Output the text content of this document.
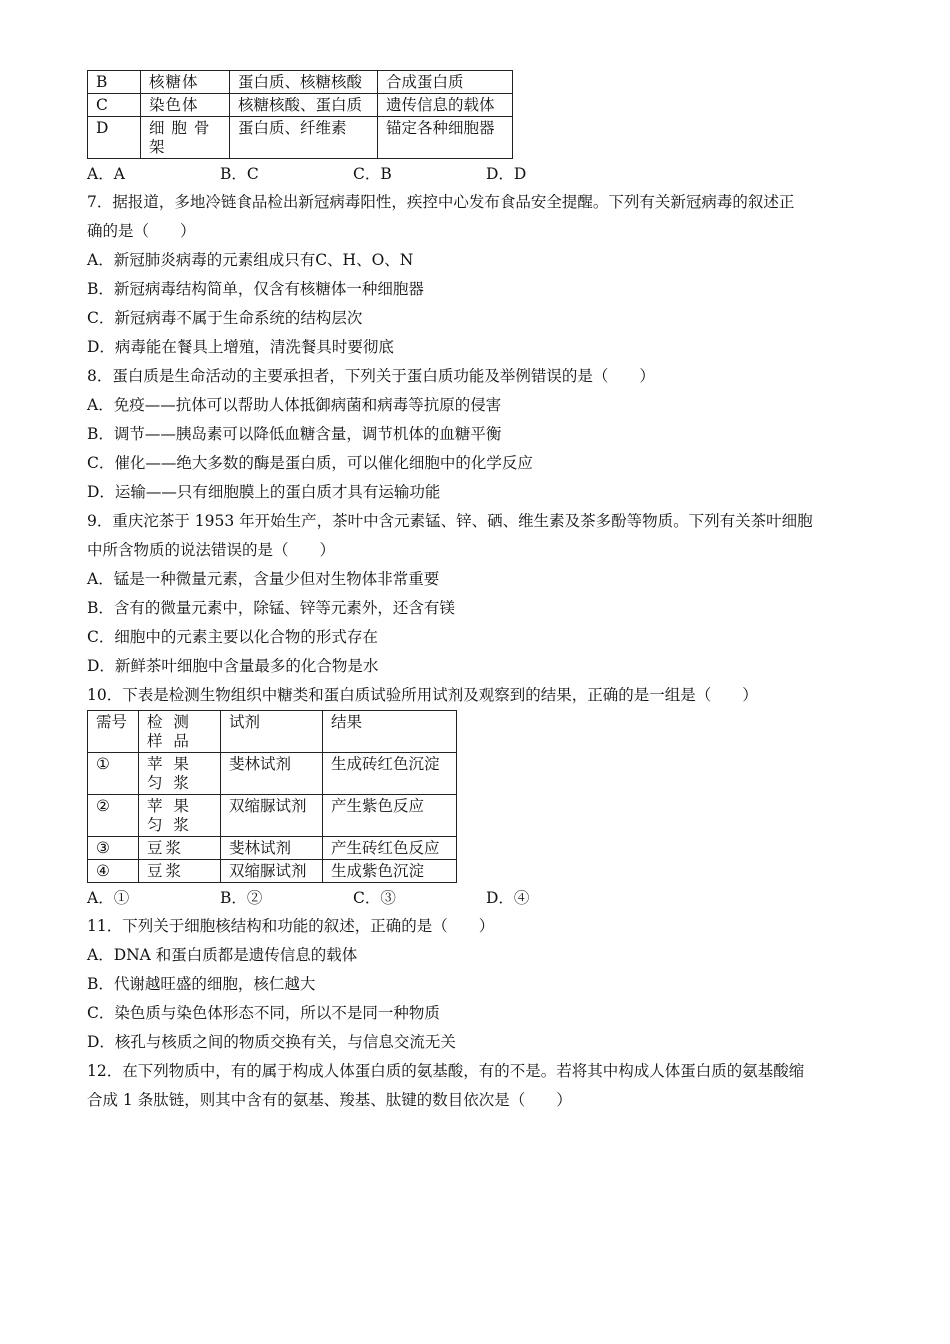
B	核糖体	蛋白质、核糖核酸	合成蛋白质
C	染色体	核糖核酸、蛋白质	遗传信息的载体
D	细 胞 骨 架	蛋白质、纤维素	锚定各种细胞器
A．A	B．C	C．B	D．D
7．据报道，多地冷链食品检出新冠病毒阳性，疾控中心发布食品安全提醒。下列有关新冠病毒的叙述正
确的是（　　）
A．新冠肺炎病毒的元素组成只有C、H、O、N
B．新冠病毒结构简单，仅含有核糖体一种细胞器
C．新冠病毒不属于生命系统的结构层次
D．病毒能在餐具上增殖，清洗餐具时要彻底
8．蛋白质是生命活动的主要承担者，下列关于蛋白质功能及举例错误的是（　　）
A．免疫——抗体可以帮助人体抵御病菌和病毒等抗原的侵害
B．调节——胰岛素可以降低血糖含量，调节机体的血糖平衡
C．催化——绝大多数的酶是蛋白质，可以催化细胞中的化学反应
D．运输——只有细胞膜上的蛋白质才具有运输功能
9．重庆沱茶于 1953 年开始生产，茶叶中含元素锰、锌、硒、维生素及茶多酚等物质。下列有关茶叶细胞
中所含物质的说法错误的是（　　）
A．锰是一种微量元素，含量少但对生物体非常重要
B．含有的微量元素中，除锰、锌等元素外，还含有镁
C．细胞中的元素主要以化合物的形式存在
D．新鲜茶叶细胞中含量最多的化合物是水
10．下表是检测生物组织中糖类和蛋白质试验所用试剂及观察到的结果，正确的是一组是（　　）
需号	检 测 样 品	试剂	结果
①	苹 果 匀 浆	斐林试剂	生成砖红色沉淀
②	苹 果 匀 浆	双缩脲试剂	产生紫色反应
③	豆浆	斐林试剂	产生砖红色反应
④	豆浆	双缩脲试剂	生成紫色沉淀
A．①	B．②	C．③	D．④
11．下列关于细胞核结构和功能的叙述，正确的是（　　）
A．DNA 和蛋白质都是遗传信息的载体
B．代谢越旺盛的细胞，核仁越大
C．染色质与染色体形态不同，所以不是同一种物质
D．核孔与核质之间的物质交换有关，与信息交流无关
12．在下列物质中，有的属于构成人体蛋白质的氨基酸，有的不是。若将其中构成人体蛋白质的氨基酸缩
合成 1 条肽链，则其中含有的氨基、羧基、肽键的数目依次是（　　）
